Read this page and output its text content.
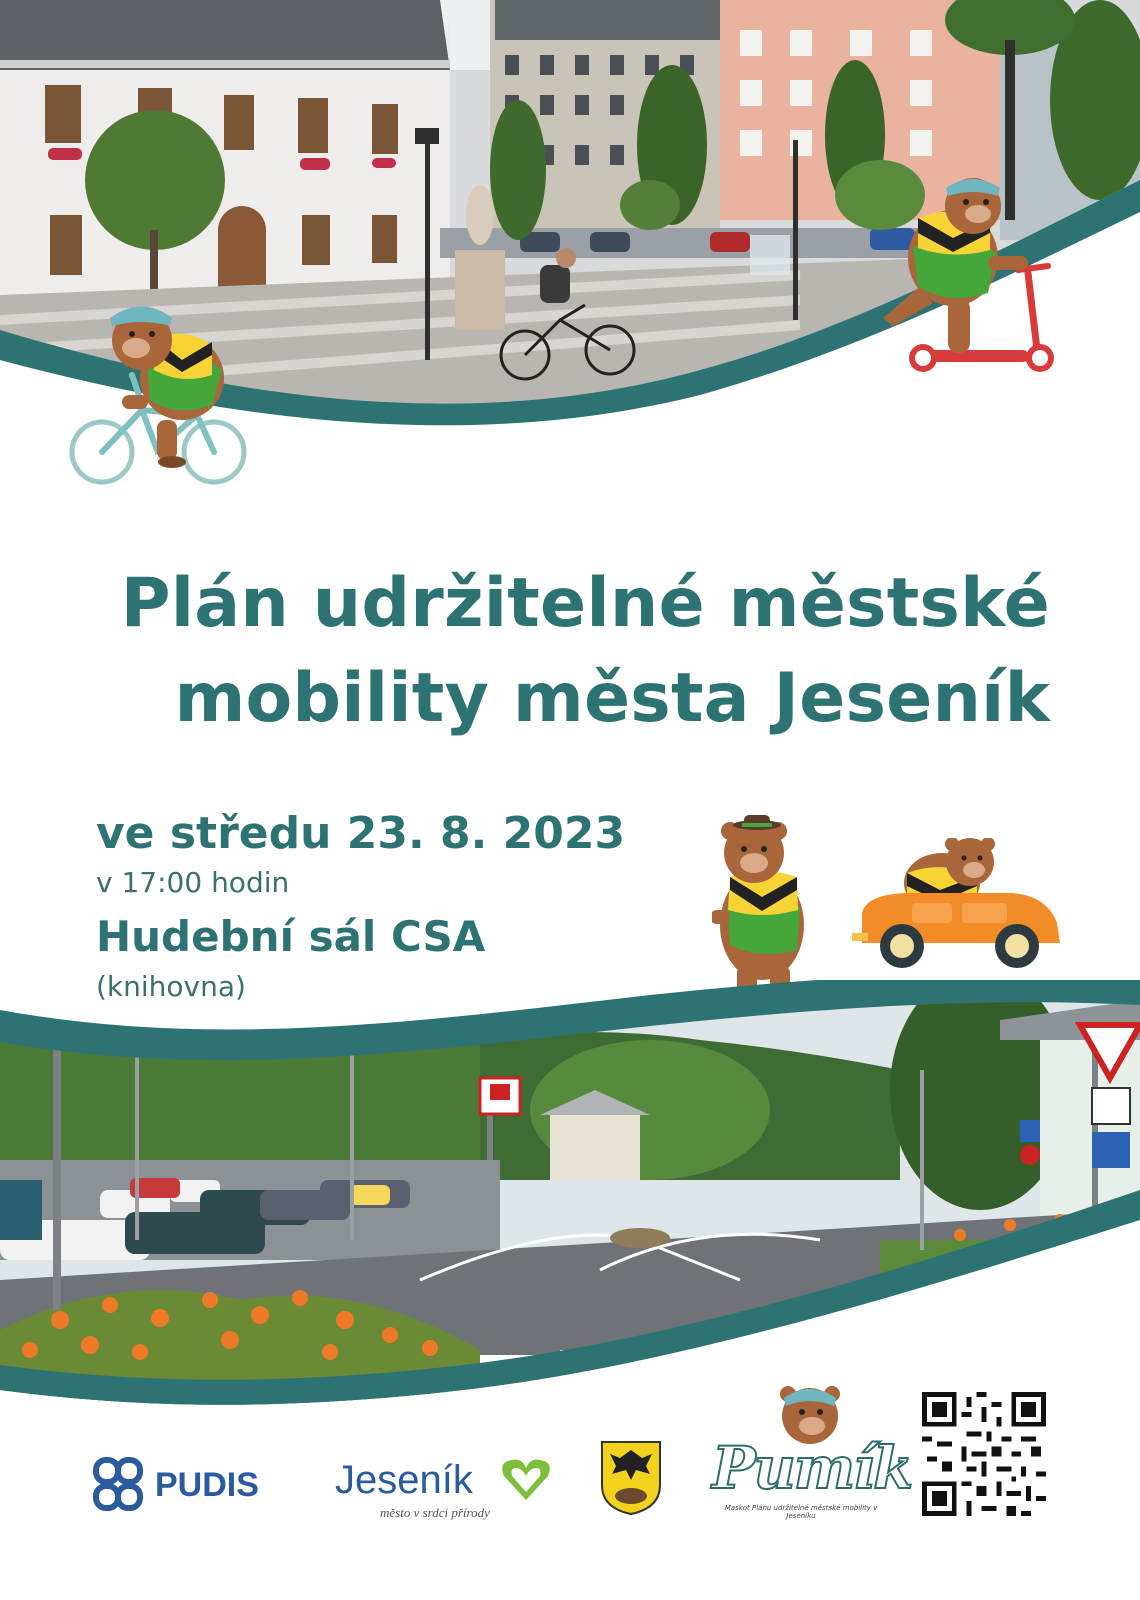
Plán udržitelné městské
mobility města Jeseník
ve středu 23. 8. 2023
v 17:00 hodin
Hudební sál CSA
(knihovna)
PUDIS Jeseník
město v srdci přírody
Pumík
Maskot Plánu udržitelné městské mobility v Jeseníku
